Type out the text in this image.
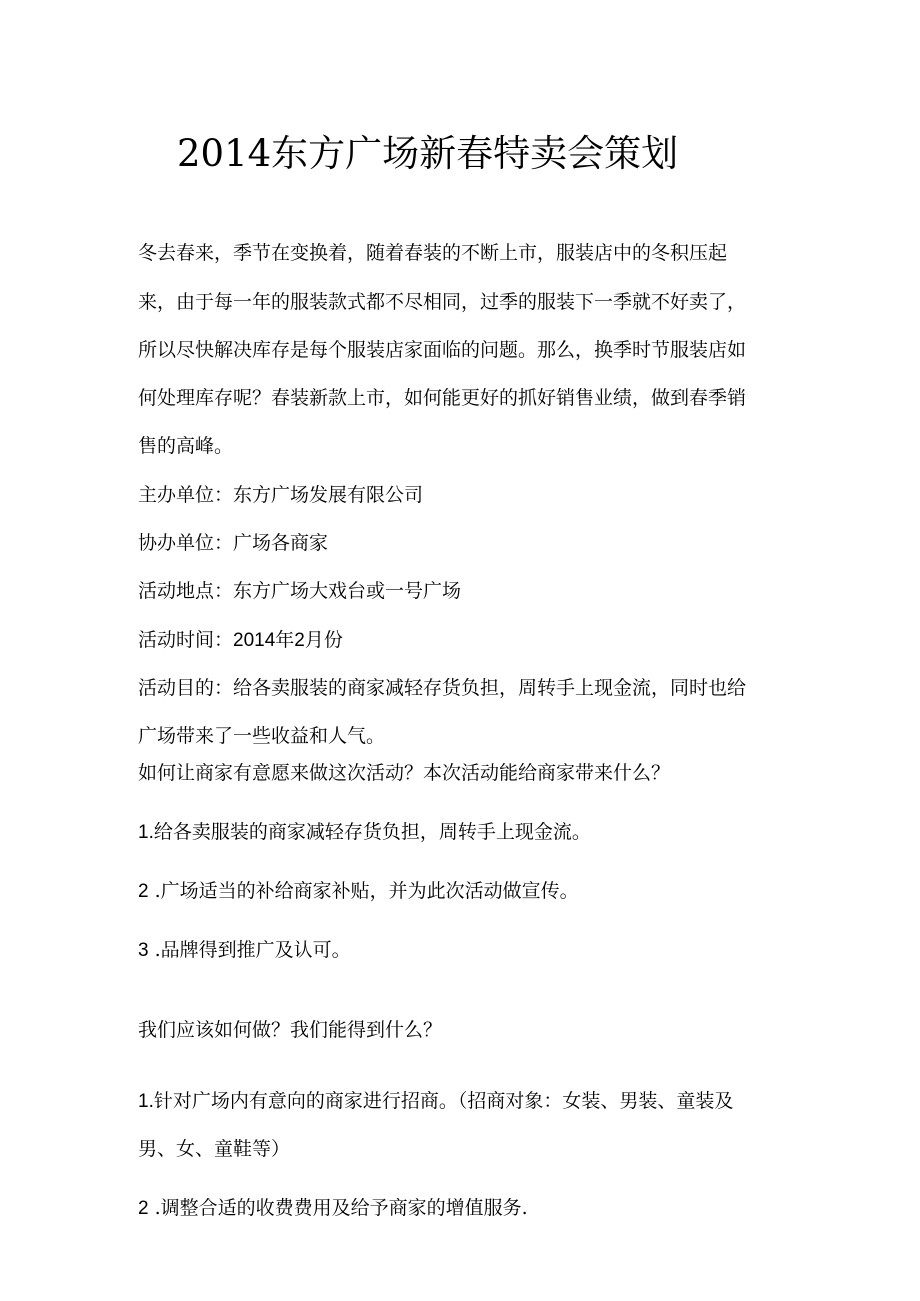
2014东方广场新春特卖会策划
冬去春来，季节在变换着，随着春装的不断上市，服装店中的冬积压起
来，由于每一年的服装款式都不尽相同，过季的服装下一季就不好卖了，
所以尽快解决库存是每个服装店家面临的问题。那么，换季时节服装店如
何处理库存呢？春装新款上市，如何能更好的抓好销售业绩，做到春季销
售的高峰。
主办单位：东方广场发展有限公司
协办单位：广场各商家
活动地点：东方广场大戏台或一号广场
活动时间：2014年2月份
活动目的：给各卖服装的商家减轻存货负担，周转手上现金流，同时也给
广场带来了一些收益和人气。
如何让商家有意愿来做这次活动？本次活动能给商家带来什么？
1.给各卖服装的商家减轻存货负担，周转手上现金流。
2 .广场适当的补给商家补贴，并为此次活动做宣传。
3 .品牌得到推广及认可。
我们应该如何做？我们能得到什么？
1.针对广场内有意向的商家进行招商。（招商对象：女装、男装、童装及
男、女、童鞋等）
2 .调整合适的收费费用及给予商家的增值服务.
